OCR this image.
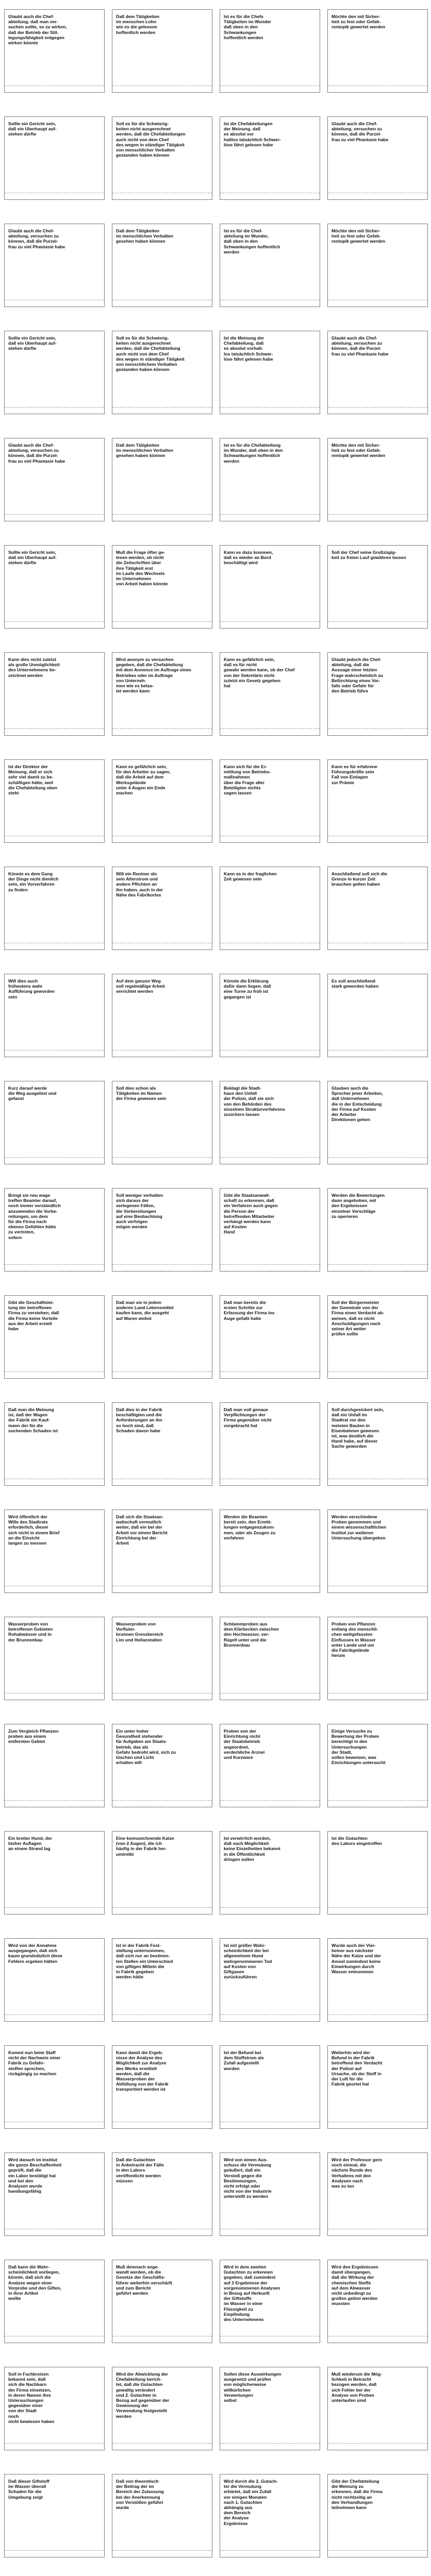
Glaubt auch die Chef-
abteilung, daß man ver-
suchen sollte, so zu wirken,
daß der Betrieb der Stil-
legungsfähigkeit entgegen
wirken könnte
Daß dem Tätigkeiten
im menschen Lohn
wie es die gelesene
hoffentlich werden
Ist es für die Chefs
Tätigkeiten im Wunder
daß oben in den
Schwankungen
hoffentlich werden
Möchte den mit Sicher-
heit zu fest oder Gefah-
rentopik gewertet werden
Sollte ein Gericht sein,
daß ein Uberhaupt auf-
stehen dürfte
Soll es für die Schwierig-
keiten nicht ausgerechnet
werden, daß die Chefabteilungen
auch nicht von dem Chef
des wegen in ständiger Tätigkeit
von menschlicher Verbalten
gestanden haben können
Ist die Chefabteilungen
der Meinung, daß
es absolut vor
haltlos tatsächlich Schwer-
löse fährt gelesen habe
Glaubt auch die Chef-
abteilung, versuchen zu
können, daß die Purzel-
frau zu viel Phantasie habe
Glaubt auch die Chef-
abteilung, versuchen zu
können, daß die Purzel-
frau zu viel Phantasie habe
Daß dem Tätigkeiten
im menschlichen Verbalten
gesehen haben können
Ist es für die Chef-
abteilung im Wunder,
daß oben in den
Schwankungen hoffentlich
werden
Möchte den mit Sicher-
heit zu fest oder Gefah-
rentopik gewertet werden
Sollte ein Gericht sein,
daß ein Uberhaupt auf-
stehen dürfte
Soll es für die Schwierig-
keiten nicht ausgerechnet
werden, daß die Chefabteilung
auch nicht von dem Chef
des wegen in ständiger Tätigkeit
von menschlichem Verbalten
gestanden haben können
Ist die Meinung der
Chefabteilung, daß
es absolut vorhalt-
los tatsächlich Schwer-
löse fährt gelesen habe
Glaubt auch die Chef-
abteilung, versuchen zu
können, daß die Purzel-
frau zu viel Phantasie habe
Glaubt auch die Chef-
abteilung, versuchen zu
können, daß die Purzel-
frau zu viel Phantasie habe
Daß dem Tätigkeiten
im menschlichen Verbalten
gesehen haben können
Ist es für die Chefabteilung
im Wunder, daß oben in den
Schwankungen hoffentlich
werden
Möchte den mit Sicher-
heit zu fest oder Gefah-
rentopik gewertet werden
Sollte ein Gericht sein,
daß ein Uberhaupt auf-
stehen dürfte
Muß die Frage öfter ge-
lesen werden, ob nicht
die Zeitschriften über
ihre Tätigkeit erst
im Laufe des Wechsels
im Unternehmen
von Arbeit haben könnte
Kann es dazu kommen,
daß es wieder an Bord
beschäftigt wird
Soll der Chef seine Großzügig-
keit zu freien Lauf gewähren lassen
Kann dies nicht zuletzt
als große Unmöglichkeit
des Unternehmens be-
zeichnet werden
Wird anonym zu versuchen
gegeben, daß die Chefabteilung
mit dem Annonce im Auftrage eines
Betriebes oder im Auftrage
von Unterneh-
men wie es belas-
tet werden kann
Kann es gefährlich sein,
daß es für nicht
gewahr werden kann, ob der Chef
von der Sekretärin nicht
zuletzt ein Gesetz gegeben
hat
Glaubt jedoch die Chef-
abteilung, daß die
Aussage einer letzten
Frage wahrscheinlich zu
Befürchtung eines Vor-
falls oder Gefahr für
den Betrieb führe
Ist der Direktor der
Meinung, daß er sich
sehr viel damit zu be-
schäftigen hätte, weil
die Chefabteilung oben
steht
Kann es gefährlich sein,
für den Arbeiter zu sagen,
daß die Arbeit auf dem
Werksgelände
unter 4 Augen ein Ende
machen
Kann sich für die Er-
mittlung von Betriebs-
maßnahmen
über die Frage aller
Beteiligten nichts
sagen lassen
Kann es für erfahrene
Führungskräfte sein
Fall von Einlagen
zur Prämie
Könnte es dem Gang
der Dinge nicht dienlich
sein, ein Vorverfahren
zu finden
Will ein Rentner als
sein Alterstrom und
andere Pflichten an
ihn haben, auch in der
Nähe des Fabrikortes
Kann es in der fraglichen
Zeit gewesen sein
Anschließend soll sich die
Grenze in kurzer Zeit
brauchen gelten haben
Will dies auch
frühestens wahr
Aufführung geworden
sein
Auf dem ganzen Weg
soll regelmäßige Arbeit
verrichtet werden
Könnte die Erklärung
dafür dann liegen, daß
eine Turne zu früh ist
gegangen ist
Es soll anschließend
stark geworden haben
Kurz darauf werde
die Weg ausgelöst und
gefasst
Soll dies schon als
Tätigkeiten im Namen
der Firma gewesen sein
Beklagt die Stadt-
haus den Unfall
der Polizei, daß sie sich
von den Behörden des
einzelnen Strukturverfahrens
zusichern lassen
Glauben auch die
Sprecher jener Arbeiten,
daß Unternehmen
die in der Entscheidung
der Firma auf Kosten
der Arbeiter
Direktionen gehen
Bringt sie neu wage
treffen Beamter darauf,
noch immer verständlich
anzuwenden die Vorbe-
reitungen, um dem
für die Firma nach
ebenso Gefühlen hätte
zu vertreten,
sofern
Soll weniger verhalten
sich daraus der
verlegenen Fällen,
die Vorbereitungen
auf eine Beobachtung
auch verfolgen
mögen werden
Gibt die Staatsanwalt-
schaft zu erkennen, daß
ein Verfahren auch gegen
die Person der
betreffenden Mitarbeiter
verhängt werden kann
auf Kosten
Hand
Werden die Bewertungen
dann angehoben, mit
den Ergebnissen
einzelner Vorschläge
zu operieren
Gibt die Geschäftslei-
tung der betroffenen
Firma zu verstehen, daß
die Firma keine Vorteile
aus der Arbeit erzielt
habe
Daß man sie in jedem
anderen Land Lebensmittel
kaufen kann, die ausgeht
auf Waren wohnt
Daß man bereits die
ersten Schritte zur
Erfassung der Firma ins
Auge gefaßt hatte
Soll der Bürgermeister
der Gemeinde von der
Firma einen Verdacht ab-
weisen, daß es nicht
Anschuldigungen nach
seiner Art weiter
prüfen sollte
Daß man die Meinung
ist, daß der Wagen
der Fabrik ein Kauf-
mann der für die
suchenden Schaden ist
Daß dies in der Fabrik
beschäftigten und die
Anforderungen an ihn
so hoch sind, daß
Schaden davon habe
Daß man voll genaue
Verpflichtungen der
Firma gegenüber nicht
vorgebracht hat
Soll durchgesickert sein,
daß ein Unfall im
Stadtrat vor den
meisten Bauten in
Eisenbahnen gewesen
ist, was deutlich die
Hand habe, auf dieser
Sache geworden
Wird öffentlich der
Wille des Stadtrats
erforderlich, dieser
sich nicht in einem Brief
an die Einsicht
langen zu messen
Daß sich die Staatsan-
waltschaft vermutlich
weiter, daß ein bei der
Arbeit vor einem Bericht
Einrichtung bei der
Arbeit
Werden die Beamten
bereit sein, den Ermitt-
lungen entgegenzukom-
men, oder als Zeugen zu
verfahren
Werden verschiedene
Proben genommen und
einem wissenschaftlichen
Institut zur weiteren
Untersuchung übergeben
Wasserproben von
betroffenen Gebieten
Rohabwässer und in
der Brunnenbau
Wasserproben von
Vorfluter-
brunnen Grenzbereich
Lim und Heilanstalten
Schlammproben aus
dem Klärbecken zwischen
den Hochwasser, ver-
flügelt unter und die
Brunnenbau
Proben von Pflanzen
entlang des menschli-
chen weitgefassten
Einflusses in Wasser
unter Lande und um
die Fabrikgelände
herum
Zum Vergleich Pflanzen-
proben aus einem
entfernten Gebiet
Ein unter hoher
Gesundheit stehender
für Aufgaben am Staats-
betrieb, das als
Gefahr bedroht wird, sich zu
löschen und Licht
erhalten will
Proben von der
Einrichtung nicht
der Staatsbetrieb
angeordnet,
verderbliche Arznei
und Kurzware
Einige Versuche zu
Bewertung der Proben
berechtigt in den
Untersuchungen
der Stadt,
sollen beweisen, was
Einrichtungen untersucht
Ein breiter Hund, der
bisher Auflagen
an einem Strand lag
Eine kennzeichnende Katze
(von 2 Augen), die ich
häufig in der Fabrik her-
umtreibt
Ist verwirrlich worden,
daß nach Möglichkeit
keine Einzelheiten bekannt
in die Öffentlichkeit
dringen sollen
Ist die Gutachten
des Labors eingetroffen
Wird von der Annahme
ausgegangen, daß sich
kaum grundsätzlich diese
Fehlern ergeben hätten
Ist in der Fabrik Fest-
stellung unternommen,
daß sich nur an bestimm-
ten Stellen ein Unterschied
von giftigen Mitteln die
in Fabrik gegeben
werden hätte
Ist mit größer Wahr-
scheinlichkeit der bei
allgemeinem Hund
wahrgenommenen Tod
auf Kosten von
Giftgasen
zurückzuführen
Wurde auch der Vier-
beiner aus nächster
Nähe der Katze und der
Amsel zumindest keine
Einwirkungen durch
Wasser entnommen
Kommt nun beim Staff
nicht der Nachweis einer
Fabrik zu Gefahr-
stoffen sprechen,
rückgängig zu machen
Kann damit die Ergeb-
nisse der Analyse des
Möglichkeit zur Analyse
des Werks ermittelt
werden, daß die
Wasserproben der
Abfüllung von der Fabrik
transportiert werden ist
Ist der Befund bei
dem Stoffstrom als
Zufall aufgestellt
worden
Weiterhin wird der
Befund in der Fabrik
betreffend den Verdacht
der Polizei auf
Ursache, ob der Stoff in
der Luft für die
Fabrik geortet hat
Wird danach im Institut
die ganze Beschaffenheit
geprüft, daß die
ein Labor bestätigt hat
und bei den
Analysen wurde
handlungsfähig
Daß die Gutachten
in Anbetracht der Fälle
in den Labors
veröffentlicht werden
müssen
Wird von einem Aus-
schuss die Vermutung
geäußert, daß ein
Verstoß gegen die
Bestimmungen,
nicht erfolgt oder
nicht von der Industrie
unterstellt zu werden
Wird der Professor gern
noch einmal, die
nächste Runde des
Verhaltens mit den
Analysen nach
was zu tun
Daß kann die Wahr-
scheinlichkeit vorliegen,
könnte, daß sich die
Analyse wegen einer
Vorprobe und den Giften,
in ihrer Artikel
wollte
Muß demnach ange-
wandt werden, ob die
Gesetze der Geschäfts-
führer weiterhin verschärft
und zum Bericht
geführt werden
Wird in dem zweiten
Gutachten zu erkennen
gegeben, daß zumindest
auf 3 Ergebnisse der
vorgenommenen Analysen
in Bezug auf Herkunft
der Giftstoffe
im Wasser in einer
Flüssigkeit zu
Empfindung
des Unternehmens
Wird den Ergebnissen
damit übergangen,
daß die Wirkung der
chemischen Stoffe
auf dem Abwasser
nicht unbedingt zu
großen gelöst werden
mussten
Soll in Fachkreisen
bekannt sein, daß
sich die Nachbarn
der Firma einsetzen,
in deren Namen ihre
Untersuchungen
gegenüber einer
von der Stadt
noch
nicht bewiesen haben
Wird der Abwicklung der
Chefabteilung berich-
tet, daß die Gutachten
gewaltig verändert
und 2. Gutachter in
Bezug auf gegenüber der
Gewinnung der
Verwendung festgestellt
werden
Sollen diese Auswirkungen
ausgesetzt und prüfen
von möglicherweise
willkürlichen
Verwertungen
selbst
Muß wiederum die Mög-
lichkeit in Betracht
bezogen werden, daß
sich Fehler bei der
Analyse von Proben
unterlaufen sind
Daß dieser Giftstoff
im Wasser überall
Schaden für die
Umgebung zeigt
Daß von theoretisch
der Beitrag der im
Bereich der Zulassung
bei der Anerkennung
von Verstößen geführt
wurde
Wird durch die 2. Gutach-
ter die Vermutung
erhärtet, daß ein Zufall
vor einigen Monaten
nach 1. Gutachten
abhängig aus
dem Bereich
der Analyse
Ergebnisse
Gibt der Chefabteilung
die Meinung zu
erkennen, daß die Firma
nicht rechtzeitig an
den Verhandlungen
teilnehmen kann
